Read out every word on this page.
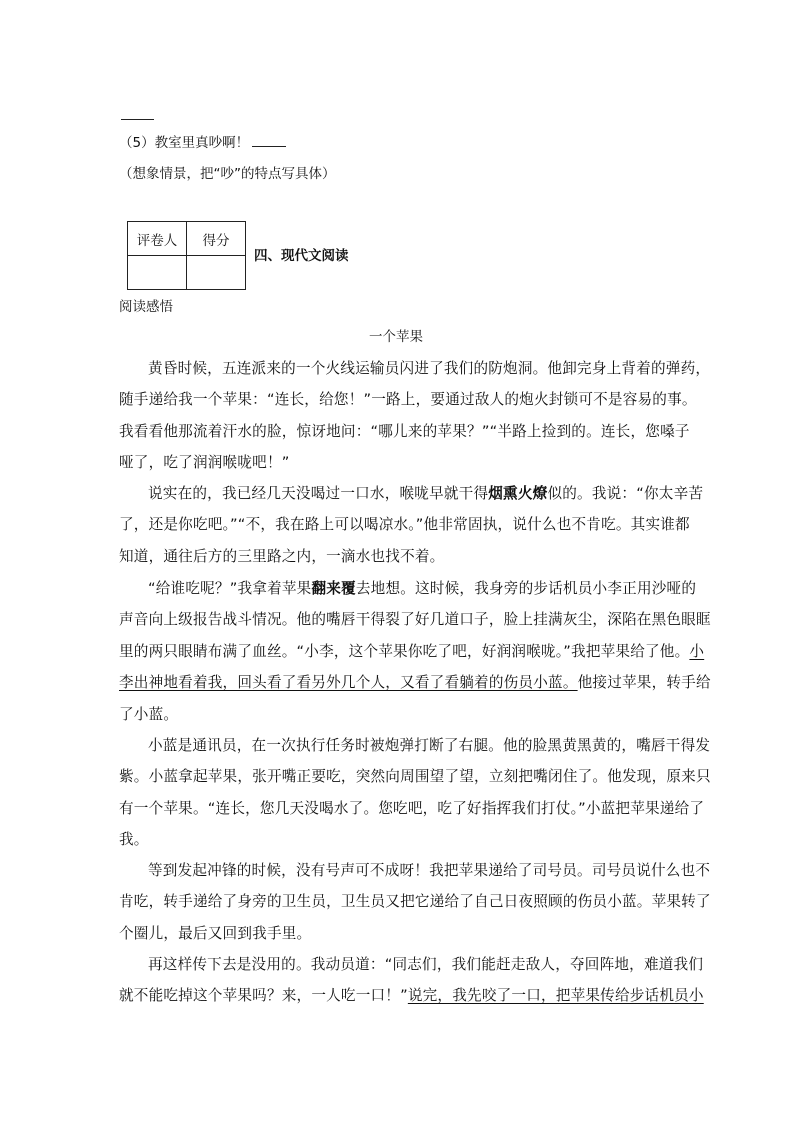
（5）教室里真吵啊！
（想象情景，把“吵”的特点写具体）
评卷人	得分

四、现代文阅读
阅读感悟
一个苹果
黄昏时候，五连派来的一个火线运输员闪进了我们的防炮洞。他卸完身上背着的弹药，
随手递给我一个苹果：“连长，给您！”一路上，要通过敌人的炮火封锁可不是容易的事。
我看看他那流着汗水的脸，惊讶地问：“哪儿来的苹果？”“半路上捡到的。连长，您嗓子
哑了，吃了润润喉咙吧！”
说实在的，我已经几天没喝过一口水，喉咙早就干得烟熏火燎似的。我说：“你太辛苦
了，还是你吃吧。”“不，我在路上可以喝凉水。”他非常固执，说什么也不肯吃。其实谁都
知道，通往后方的三里路之内，一滴水也找不着。
“给谁吃呢？”我拿着苹果翻来覆去地想。这时候，我身旁的步话机员小李正用沙哑的
声音向上级报告战斗情况。他的嘴唇干得裂了好几道口子，脸上挂满灰尘，深陷在黑色眼眶
里的两只眼睛布满了血丝。“小李，这个苹果你吃了吧，好润润喉咙。”我把苹果给了他。小
李出神地看着我，回头看了看另外几个人，又看了看躺着的伤员小蓝。他接过苹果，转手给
了小蓝。
小蓝是通讯员，在一次执行任务时被炮弹打断了右腿。他的脸黑黄黑黄的，嘴唇干得发
紫。小蓝拿起苹果，张开嘴正要吃，突然向周围望了望，立刻把嘴闭住了。他发现，原来只
有一个苹果。“连长，您几天没喝水了。您吃吧，吃了好指挥我们打仗。”小蓝把苹果递给了
我。
等到发起冲锋的时候，没有号声可不成呀！我把苹果递给了司号员。司号员说什么也不
肯吃，转手递给了身旁的卫生员，卫生员又把它递给了自己日夜照顾的伤员小蓝。苹果转了
个圈儿，最后又回到我手里。
再这样传下去是没用的。我动员道：“同志们，我们能赶走敌人，夺回阵地，难道我们
就不能吃掉这个苹果吗？来，一人吃一口！”说完，我先咬了一口，把苹果传给步话机员小
